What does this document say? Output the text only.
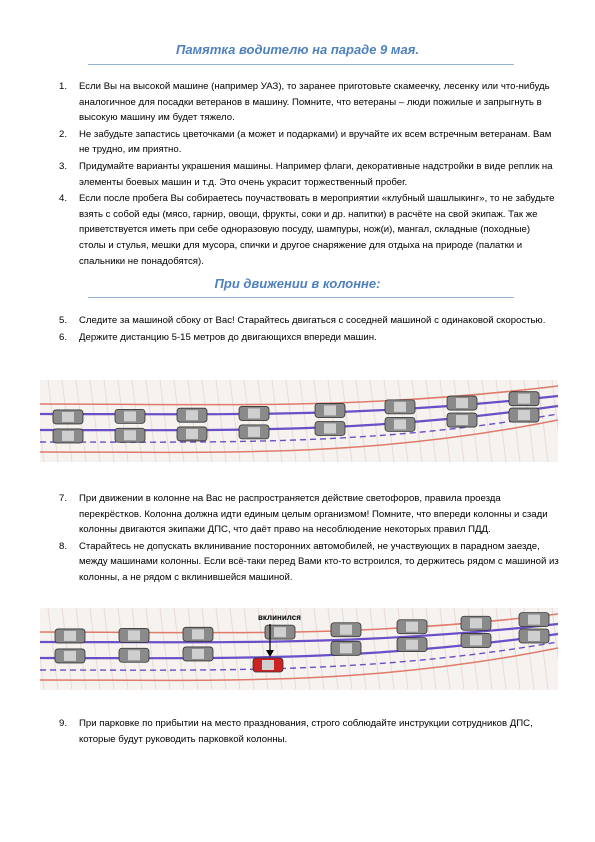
Памятка водителю на параде 9 мая.
1. Если Вы на высокой машине (например УАЗ), то заранее приготовьте скамеечку, лесенку или что-нибудь аналогичное для посадки ветеранов в машину. Помните, что ветераны – люди пожилые и запрыгнуть в высокую машину им будет тяжело.
2. Не забудьте запастись цветочками (а может и подарками) и вручайте их всем встречным ветеранам. Вам не трудно, им приятно.
3. Придумайте варианты украшения машины. Например флаги, декоративные надстройки в виде реплик на элементы боевых машин и т.д. Это очень украсит торжественный пробег.
4. Если после пробега Вы собираетесь поучаствовать в мероприятии «клубный шашлыкинг», то не забудьте взять с собой еды (мясо, гарнир, овощи, фрукты, соки и др. напитки) в расчёте на свой экипаж. Так же приветствуется иметь при себе одноразовую посуду, шампуры, нож(и), мангал, складные (походные) столы и стулья, мешки для мусора, спички и другое снаряжение для отдыха на природе (палатки и спальники не понадобятся).
При движении в колонне:
5. Следите за машиной сбоку от Вас! Старайтесь двигаться с соседней машиной с одинаковой скоростью.
6. Держите дистанцию 5-15 метров до двигающихся впереди машин.
7. При движении в колонне на Вас не распространяется действие светофоров, правила проезда перекрёстков. Колонна должна идти единым целым организмом! Помните, что впереди колонны и сзади колонны двигаются экипажи ДПС, что даёт право на несоблюдение некоторых правил ПДД.
8. Старайтесь не допускать вклинивание посторонних автомобилей, не участвующих в парадном заезде, между машинами колонны. Если всё-таки перед Вами кто-то встроился, то держитесь рядом с машиной из колонны, а не рядом с вклинившейся машиной.
вклинился
9. При парковке по прибытии на место празднования, строго соблюдайте инструкции сотрудников ДПС, которые будут руководить парковкой колонны.
